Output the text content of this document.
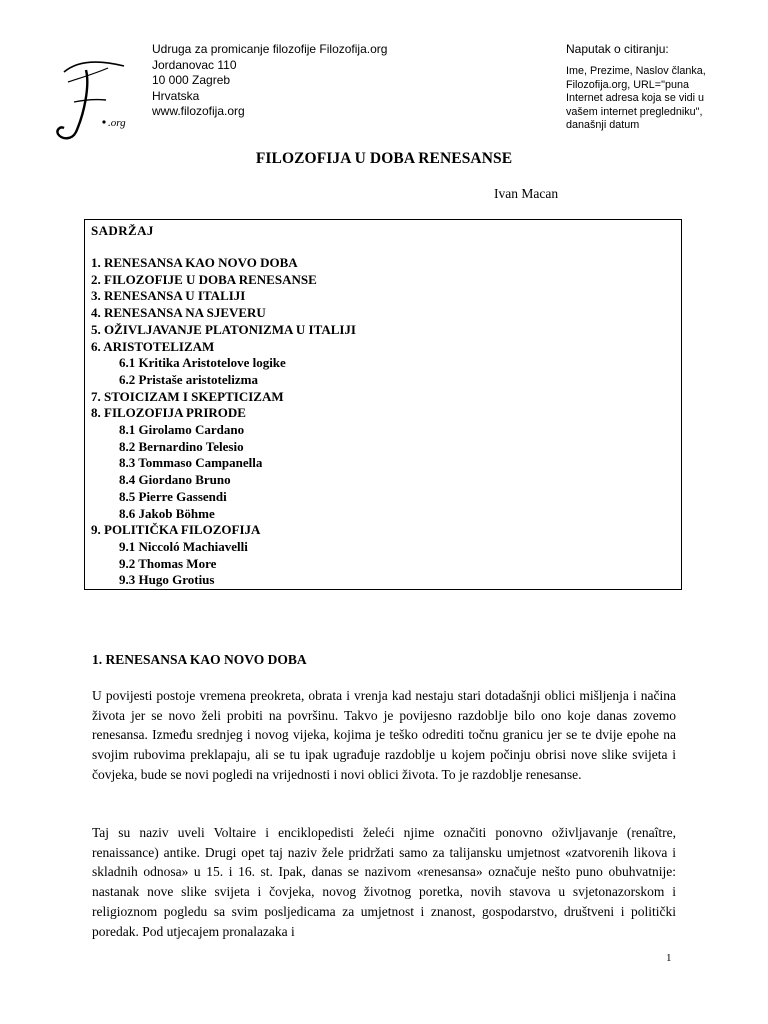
.org
Udruga za promicanje filozofije Filozofija.org
Jordanovac 110
10 000 Zagreb
Hrvatska
www.filozofija.org
Naputak o citiranju:
Ime, Prezime, Naslov članka,
Filozofija.org, URL="puna
Internet adresa koja se vidi u
vašem internet pregledniku",
današnji datum
FILOZOFIJA U DOBA RENESANSE
Ivan Macan
SADRŽAJ
1. RENESANSA KAO NOVO DOBA
2. FILOZOFIJE U DOBA RENESANSE
3. RENESANSA U ITALIJI
4. RENESANSA NA SJEVERU
5. OŽIVLJAVANJE PLATONIZMA U ITALIJI
6. ARISTOTELIZAM
6.1 Kritika Aristotelove logike
6.2 Pristaše aristotelizma
7. STOICIZAM I SKEPTICIZAM
8. FILOZOFIJA PRIRODE
8.1 Girolamo Cardano
8.2 Bernardino Telesio
8.3 Tommaso Campanella
8.4 Giordano Bruno
8.5 Pierre Gassendi
8.6 Jakob Böhme
9. POLITIČKA FILOZOFIJA
9.1 Niccoló Machiavelli
9.2 Thomas More
9.3 Hugo Grotius
1. RENESANSA KAO NOVO DOBA

U povijesti postoje vremena preokreta, obrata i vrenja kad nestaju stari dotadašnji oblici mišljenja i načina života jer se novo želi probiti na površinu. Takvo je povijesno razdoblje bilo ono koje danas zovemo renesansa. Između srednjeg i novog vijeka, kojima je teško odrediti točnu granicu jer se te dvije epohe na svojim rubovima preklapaju, ali se tu ipak ugrađuje razdoblje u kojem počinju obrisi nove slike svijeta i čovjeka, bude se novi pogledi na vrijednosti i novi oblici života. To je razdoblje renesanse.

Taj su naziv uveli Voltaire i enciklopedisti želeći njime označiti ponovno oživljavanje (renaître, renaissance) antike. Drugi opet taj naziv žele pridržati samo za talijansku umjetnost «zatvorenih likova i skladnih odnosa» u 15. i 16. st. Ipak, danas se nazivom «renesansa» označuje nešto puno obuhvatnije: nastanak nove slike svijeta i čovjeka, novog životnog poretka, novih stavova u svjetonazorskom i religioznom pogledu sa svim posljedicama za umjetnost i znanost, gospodarstvo, društveni i politički poredak. Pod utjecajem pronalazaka i

1
